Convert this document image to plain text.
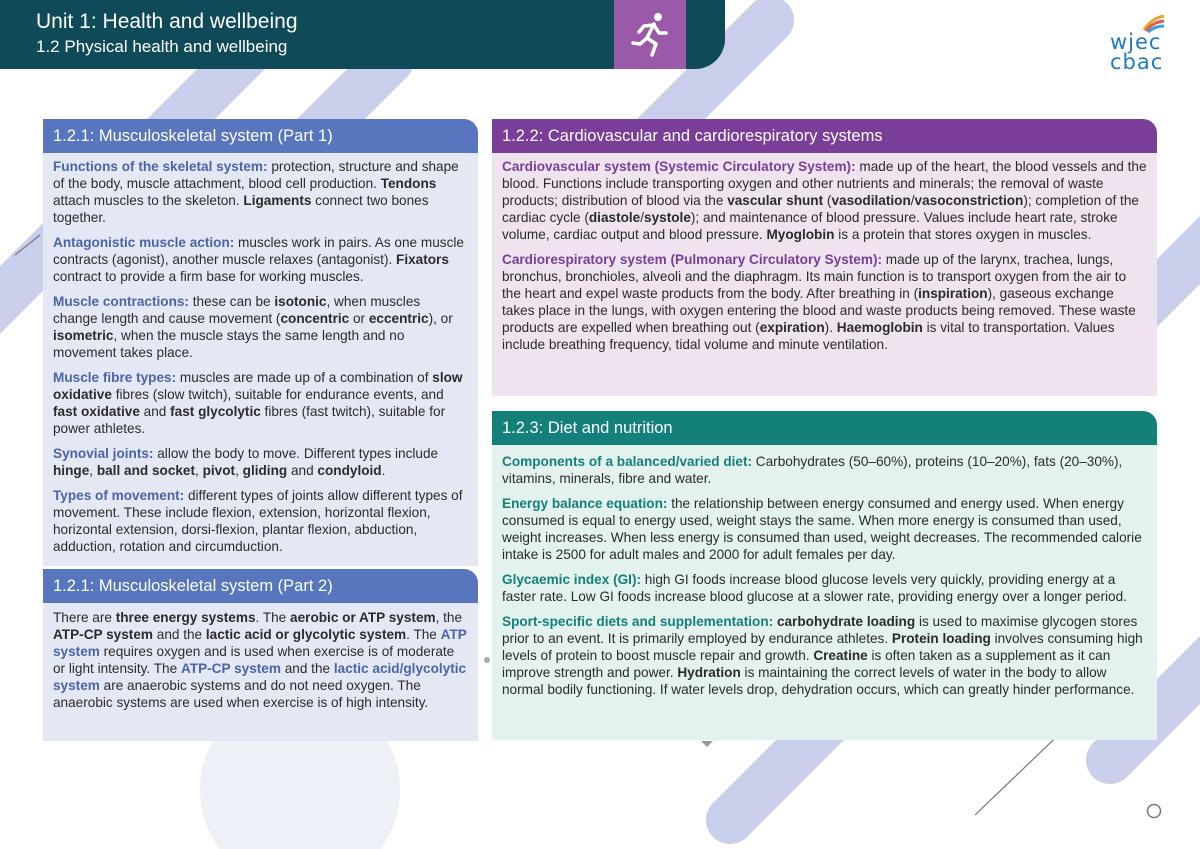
Unit 1: Health and wellbeing
1.2 Physical health and wellbeing	wjec
cbac
1.2.1: Musculoskeletal system (Part 1)

Functions of the skeletal system: protection, structure and shape of the body, muscle attachment, blood cell production. Tendons attach muscles to the skeleton. Ligaments connect two bones together.

Antagonistic muscle action: muscles work in pairs. As one muscle contracts (agonist), another muscle relaxes (antagonist). Fixators contract to provide a firm base for working muscles.

Muscle contractions: these can be isotonic, when muscles change length and cause movement (concentric or eccentric), or isometric, when the muscle stays the same length and no movement takes place.

Muscle fibre types: muscles are made up of a combination of slow oxidative fibres (slow twitch), suitable for endurance events, and fast oxidative and fast glycolytic fibres (fast twitch), suitable for power athletes.

Synovial joints: allow the body to move. Different types include hinge, ball and socket, pivot, gliding and condyloid.

Types of movement: different types of joints allow different types of movement. These include flexion, extension, horizontal flexion, horizontal extension, dorsi-flexion, plantar flexion, abduction, adduction, rotation and circumduction.

1.2.1: Musculoskeletal system (Part 2)

There are three energy systems. The aerobic or ATP system, the ATP-CP system and the lactic acid or glycolytic system. The ATP system requires oxygen and is used when exercise is of moderate or light intensity. The ATP-CP system and the lactic acid/glycolytic system are anaerobic systems and do not need oxygen. The anaerobic systems are used when exercise is of high intensity.

1.2.2: Cardiovascular and cardiorespiratory systems

Cardiovascular system (Systemic Circulatory System): made up of the heart, the blood vessels and the blood. Functions include transporting oxygen and other nutrients and minerals; the removal of waste products; distribution of blood via the vascular shunt (vasodilation/vasoconstriction); completion of the cardiac cycle (diastole/systole); and maintenance of blood pressure. Values include heart rate, stroke volume, cardiac output and blood pressure. Myoglobin is a protein that stores oxygen in muscles.

Cardiorespiratory system (Pulmonary Circulatory System): made up of the larynx, trachea, lungs, bronchus, bronchioles, alveoli and the diaphragm. Its main function is to transport oxygen from the air to the heart and expel waste products from the body. After breathing in (inspiration), gaseous exchange takes place in the lungs, with oxygen entering the blood and waste products being removed. These waste products are expelled when breathing out (expiration). Haemoglobin is vital to transportation. Values include breathing frequency, tidal volume and minute ventilation.

1.2.3: Diet and nutrition

Components of a balanced/varied diet: Carbohydrates (50–60%), proteins (10–20%), fats (20–30%), vitamins, minerals, fibre and water.

Energy balance equation: the relationship between energy consumed and energy used. When energy consumed is equal to energy used, weight stays the same. When more energy is consumed than used, weight increases. When less energy is consumed than used, weight decreases. The recommended calorie intake is 2500 for adult males and 2000 for adult females per day.

Glycaemic index (GI): high GI foods increase blood glucose levels very quickly, providing energy at a faster rate. Low GI foods increase blood glucose at a slower rate, providing energy over a longer period.

Sport-specific diets and supplementation: carbohydrate loading is used to maximise glycogen stores prior to an event. It is primarily employed by endurance athletes. Protein loading involves consuming high levels of protein to boost muscle repair and growth. Creatine is often taken as a supplement as it can improve strength and power. Hydration is maintaining the correct levels of water in the body to allow normal bodily functioning. If water levels drop, dehydration occurs, which can greatly hinder performance.
